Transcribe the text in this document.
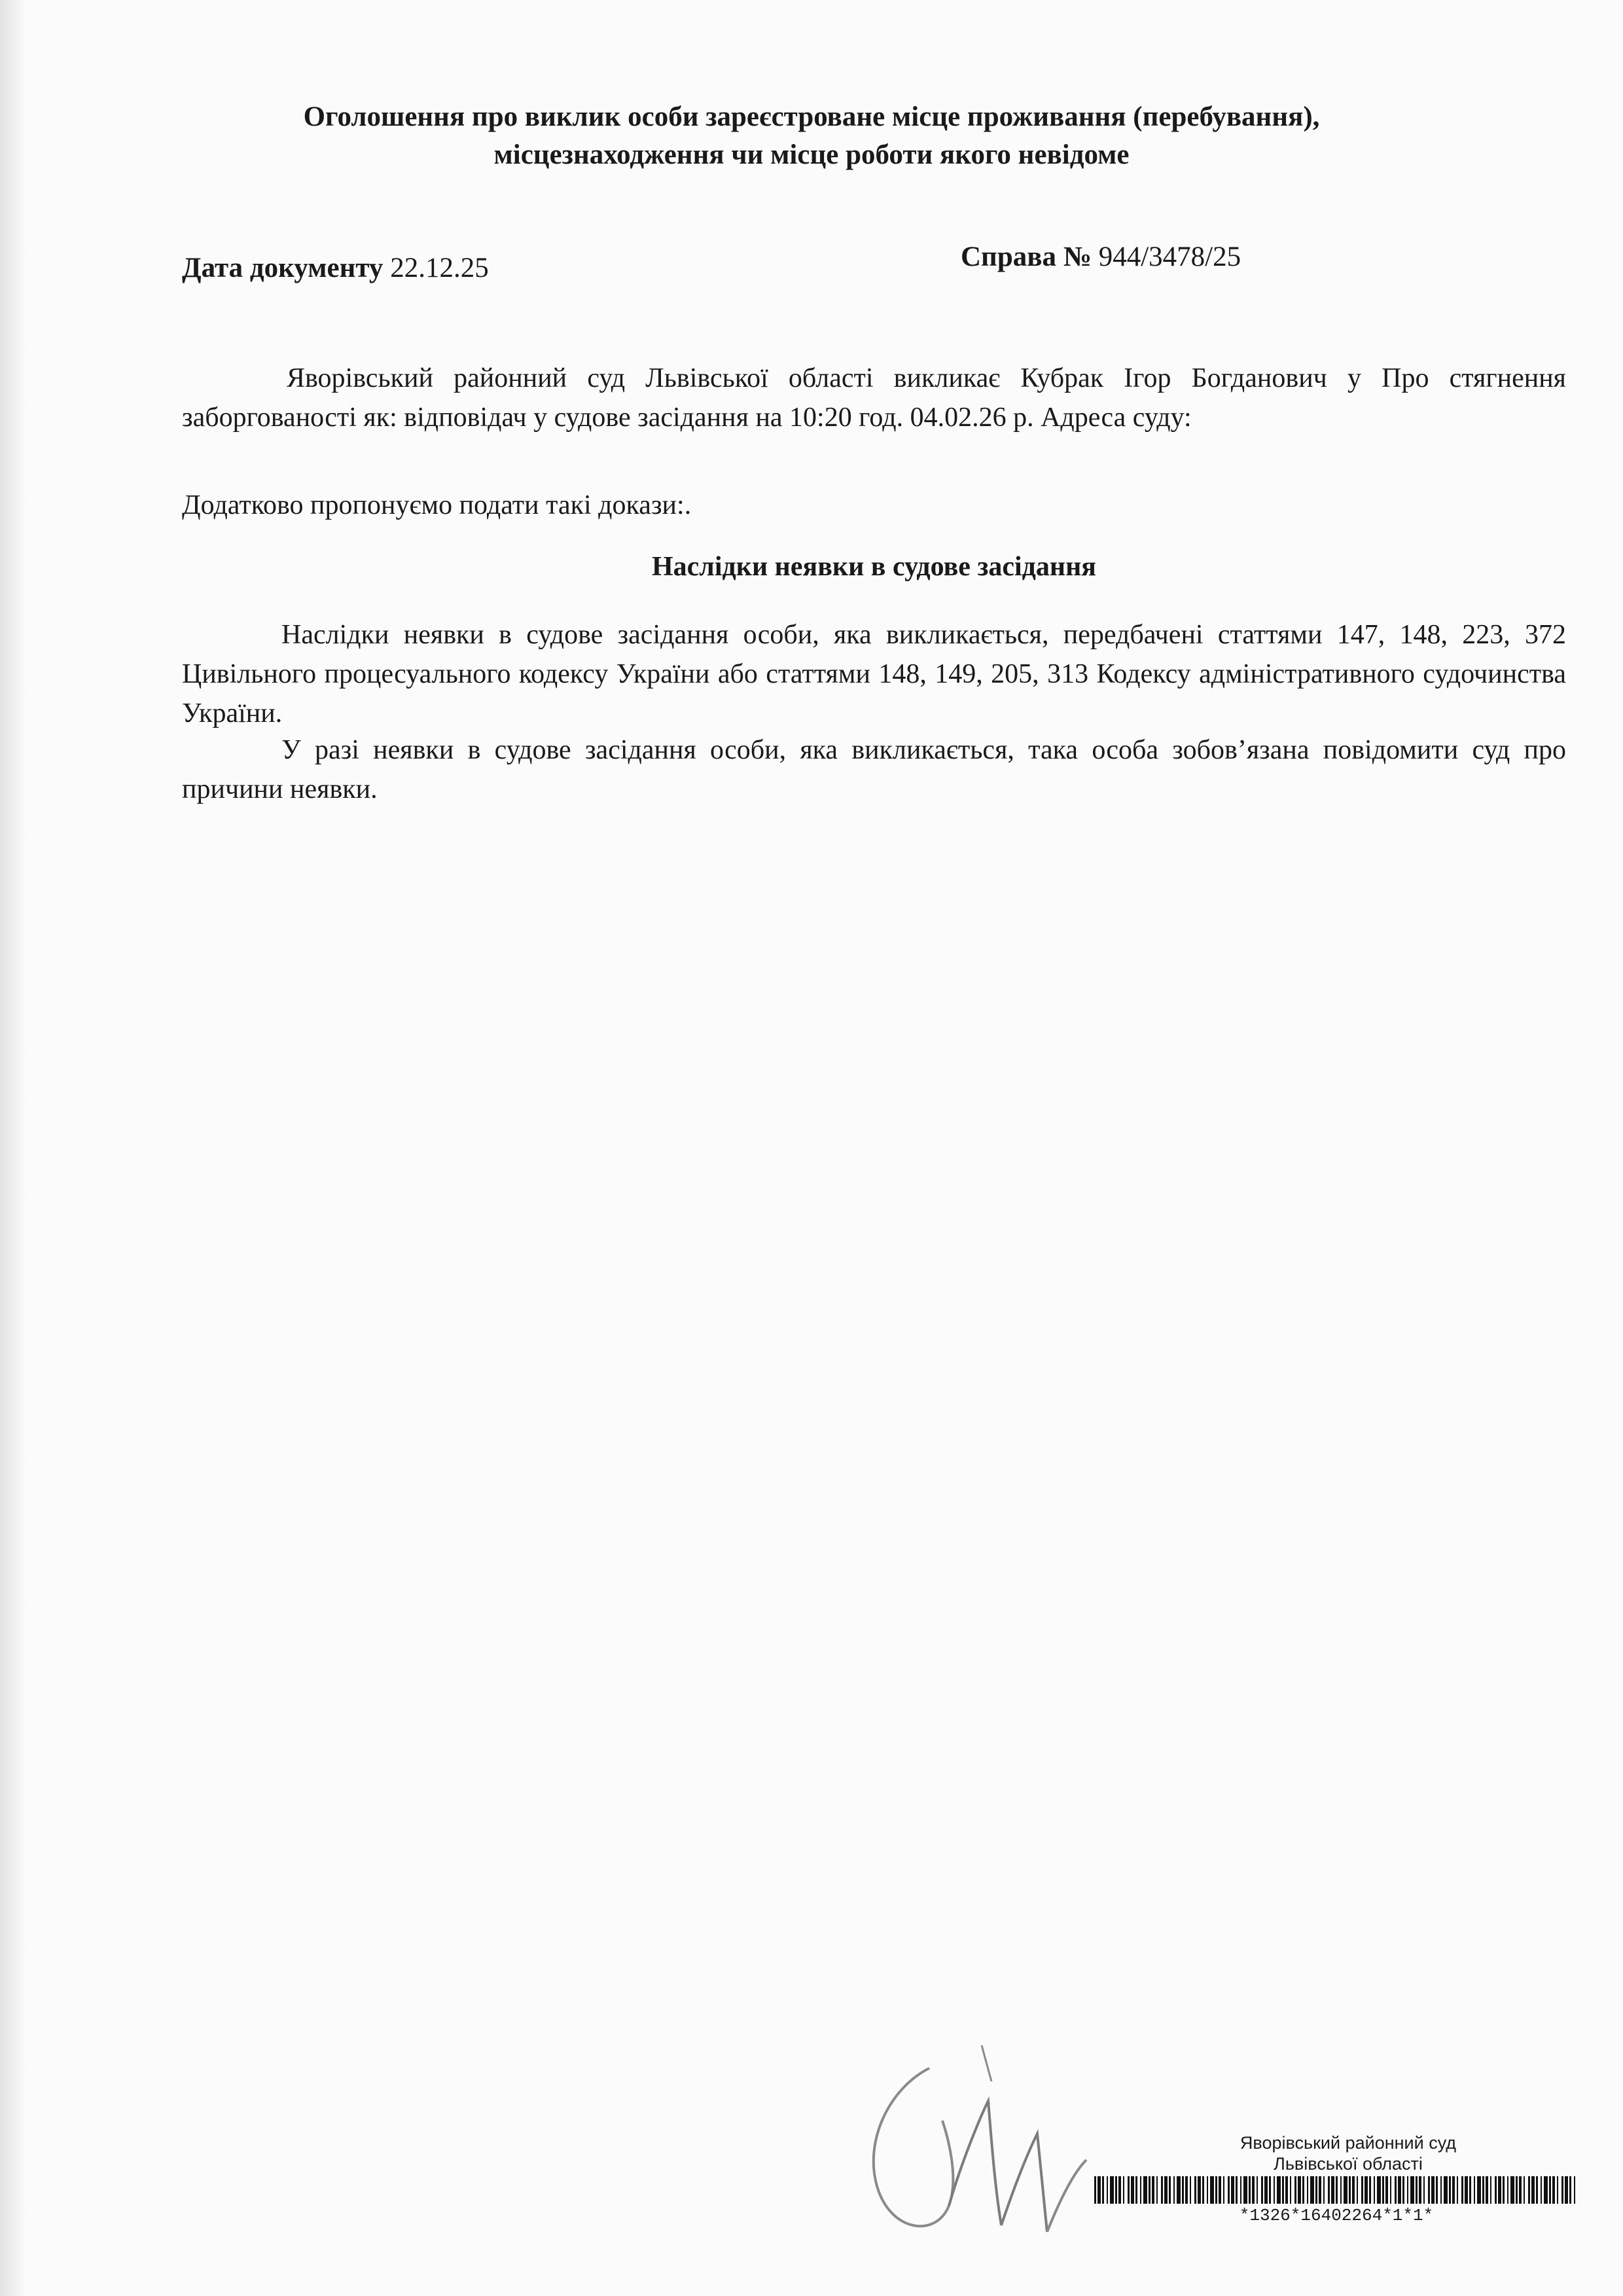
Оголошення про виклик особи зареєстроване місце проживання (перебування),
місцезнаходження чи місце роботи якого невідоме
Дата документу 22.12.25	Справа № 944/3478/25
Яворівський районний суд Львівської області викликає Кубрак Ігор Богданович у Про стягнення заборгованості як: відповідач у судове засідання на 10:20 год. 04.02.26 р. Адреса суду:
Додатково пропонуємо подати такі докази:.
Наслідки неявки в судове засідання
Наслідки неявки в судове засідання особи, яка викликається, передбачені статтями 147, 148, 223, 372 Цивільного процесуального кодексу України або статтями 148, 149, 205, 313 Кодексу адміністративного судочинства України.
У разі неявки в судове засідання особи, яка викликається, така особа зобов’язана повідомити суд про причини неявки.
Яворівський районний суд
Львівської області
*1326*16402264*1*1*
